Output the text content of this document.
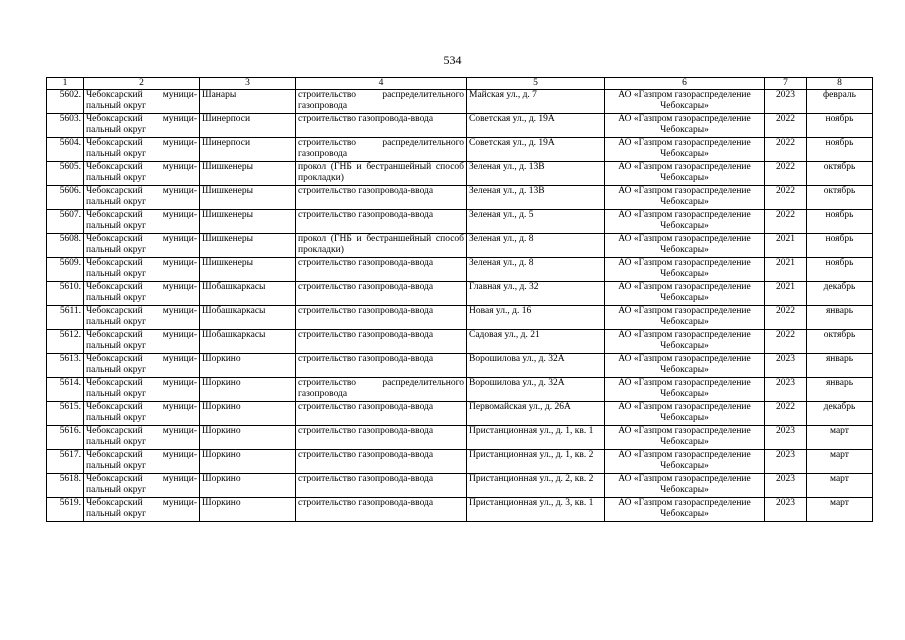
534
1	2	3	4	5	6	7	8
5602.	Чебоксарский муници-пальный округ	Шанары	строительство распределительного газопровода	Майская ул., д. 7	АО «Газпром газораспределение Чебоксары»	2023	февраль
5603.	Чебоксарский муници-пальный округ	Шинерпоси	строительство газопровода-ввода	Советская ул., д. 19А	АО «Газпром газораспределение Чебоксары»	2022	ноябрь
5604.	Чебоксарский муници-пальный округ	Шинерпоси	строительство распределительного газопровода	Советская ул., д. 19А	АО «Газпром газораспределение Чебоксары»	2022	ноябрь
5605.	Чебоксарский муници-пальный округ	Шишкенеры	прокол (ГНБ и бестраншейный способ прокладки)	Зеленая ул., д. 13В	АО «Газпром газораспределение Чебоксары»	2022	октябрь
5606.	Чебоксарский муници-пальный округ	Шишкенеры	строительство газопровода-ввода	Зеленая ул., д. 13В	АО «Газпром газораспределение Чебоксары»	2022	октябрь
5607.	Чебоксарский муници-пальный округ	Шишкенеры	строительство газопровода-ввода	Зеленая ул., д. 5	АО «Газпром газораспределение Чебоксары»	2022	ноябрь
5608.	Чебоксарский муници-пальный округ	Шишкенеры	прокол (ГНБ и бестраншейный способ прокладки)	Зеленая ул., д. 8	АО «Газпром газораспределение Чебоксары»	2021	ноябрь
5609.	Чебоксарский муници-пальный округ	Шишкенеры	строительство газопровода-ввода	Зеленая ул., д. 8	АО «Газпром газораспределение Чебоксары»	2021	ноябрь
5610.	Чебоксарский муници-пальный округ	Шобашкаркасы	строительство газопровода-ввода	Главная ул., д. 32	АО «Газпром газораспределение Чебоксары»	2021	декабрь
5611.	Чебоксарский муници-пальный округ	Шобашкаркасы	строительство газопровода-ввода	Новая ул., д. 16	АО «Газпром газораспределение Чебоксары»	2022	январь
5612.	Чебоксарский муници-пальный округ	Шобашкаркасы	строительство газопровода-ввода	Садовая ул., д. 21	АО «Газпром газораспределение Чебоксары»	2022	октябрь
5613.	Чебоксарский муници-пальный округ	Шоркино	строительство газопровода-ввода	Ворошилова ул., д. 32А	АО «Газпром газораспределение Чебоксары»	2023	январь
5614.	Чебоксарский муници-пальный округ	Шоркино	строительство распределительного газопровода	Ворошилова ул., д. 32А	АО «Газпром газораспределение Чебоксары»	2023	январь
5615.	Чебоксарский муници-пальный округ	Шоркино	строительство газопровода-ввода	Первомайская ул., д. 26А	АО «Газпром газораспределение Чебоксары»	2022	декабрь
5616.	Чебоксарский муници-пальный округ	Шоркино	строительство газопровода-ввода	Пристанционная ул., д. 1, кв. 1	АО «Газпром газораспределение Чебоксары»	2023	март
5617.	Чебоксарский муници-пальный округ	Шоркино	строительство газопровода-ввода	Пристанционная ул., д. 1, кв. 2	АО «Газпром газораспределение Чебоксары»	2023	март
5618.	Чебоксарский муници-пальный округ	Шоркино	строительство газопровода-ввода	Пристанционная ул., д. 2, кв. 2	АО «Газпром газораспределение Чебоксары»	2023	март
5619.	Чебоксарский муници-пальный округ	Шоркино	строительство газопровода-ввода	Пристанционная ул., д. 3, кв. 1	АО «Газпром газораспределение Чебоксары»	2023	март
